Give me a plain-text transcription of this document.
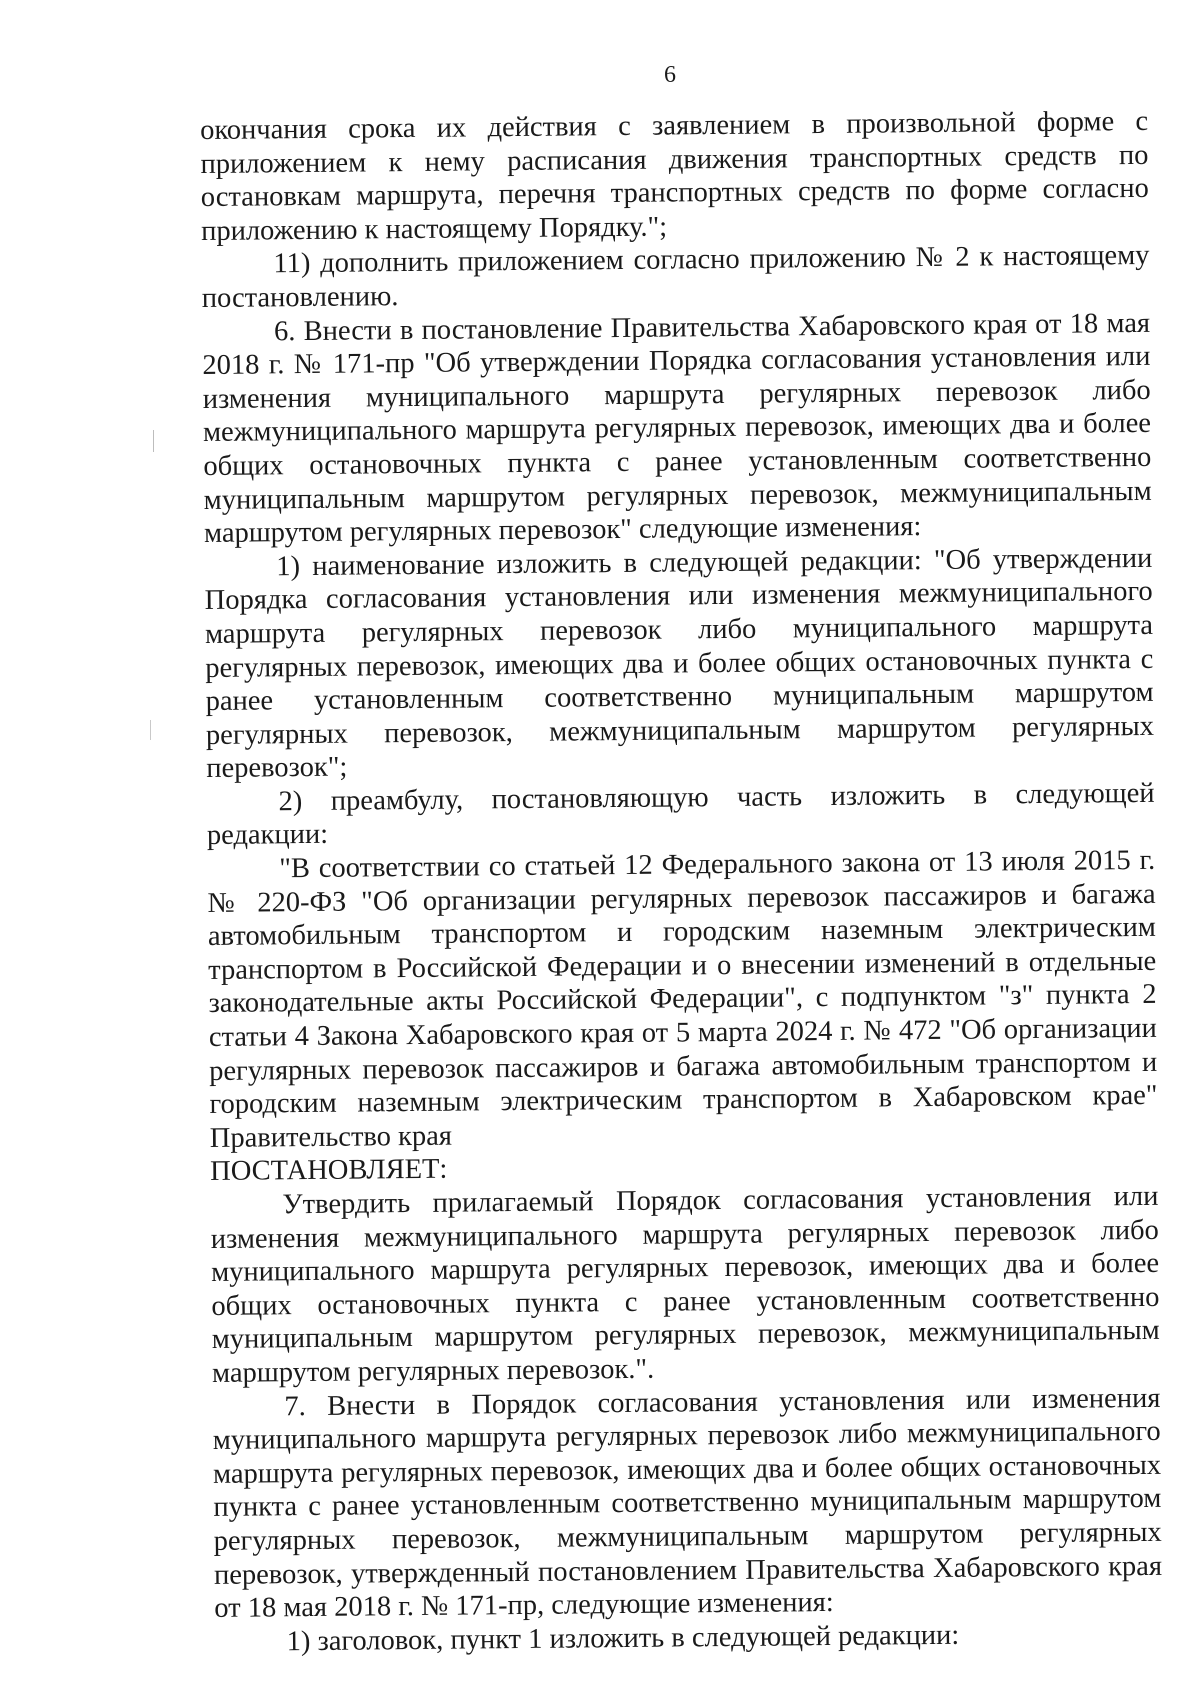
6

окончания срока их действия с заявлением в произвольной форме с приложением к нему расписания движения транспортных средств по остановкам маршрута, перечня транспортных средств по форме согласно приложению к настоящему Порядку.";

11) дополнить приложением согласно приложению № 2 к настоящему постановлению.

6. Внести в постановление Правительства Хабаровского края от 18 мая 2018 г. № 171-пр "Об утверждении Порядка согласования установления или изменения муниципального маршрута регулярных перевозок либо межмуниципального маршрута регулярных перевозок, имеющих два и более общих остановочных пункта с ранее установленным соответственно муниципальным маршрутом регулярных перевозок, межмуниципальным маршрутом регулярных перевозок" следующие изменения:

1) наименование изложить в следующей редакции: "Об утверждении Порядка согласования установления или изменения межмуниципального маршрута регулярных перевозок либо муниципального маршрута регулярных перевозок, имеющих два и более общих остановочных пункта с ранее установленным соответственно муниципальным маршрутом регулярных перевозок, межмуниципальным маршрутом регулярных перевозок";

2) преамбулу, постановляющую часть изложить в следующей редакции:

"В соответствии со статьей 12 Федерального закона от 13 июля 2015 г. № 220-ФЗ "Об организации регулярных перевозок пассажиров и багажа автомобильным транспортом и городским наземным электрическим транспортом в Российской Федерации и о внесении изменений в отдельные законодательные акты Российской Федерации", с подпунктом "з" пункта 2 статьи 4 Закона Хабаровского края от 5 марта 2024 г. № 472 "Об организации регулярных перевозок пассажиров и багажа автомобильным транспортом и городским наземным электрическим транспортом в Хабаровском крае" Правительство края

ПОСТАНОВЛЯЕТ:

Утвердить прилагаемый Порядок согласования установления или изменения межмуниципального маршрута регулярных перевозок либо муниципального маршрута регулярных перевозок, имеющих два и более общих остановочных пункта с ранее установленным соответственно муниципальным маршрутом регулярных перевозок, межмуниципальным маршрутом регулярных перевозок.".

7. Внести в Порядок согласования установления или изменения муниципального маршрута регулярных перевозок либо межмуниципального маршрута регулярных перевозок, имеющих два и более общих остановочных пункта с ранее установленным соответственно муниципальным маршрутом регулярных перевозок, межмуниципальным маршрутом регулярных перевозок, утвержденный постановлением Правительства Хабаровского края от 18 мая 2018 г. № 171-пр, следующие изменения:

1) заголовок, пункт 1 изложить в следующей редакции:
